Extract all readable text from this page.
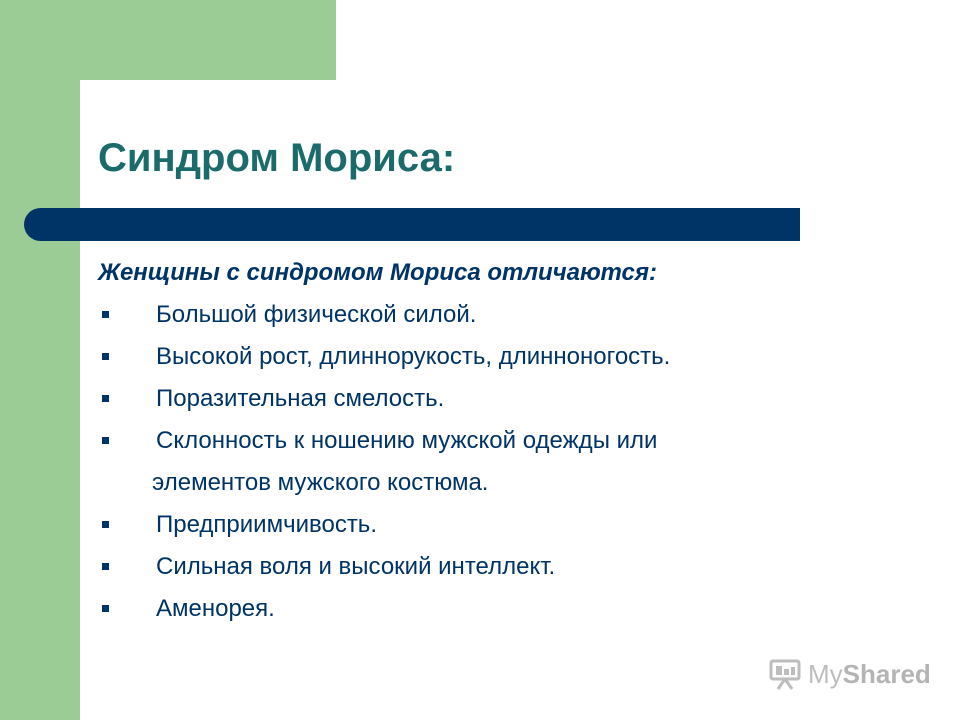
Синдром Мориса:
Женщины с синдромом Мориса отличаются:
Большой физической силой.
Высокой рост, длиннорукость, длинноногость.
Поразительная смелость.
Склонность к ношению мужской одежды или
элементов мужского костюма.
Предприимчивость.
Сильная воля и высокий интеллект.
Аменорея.
MyShared
